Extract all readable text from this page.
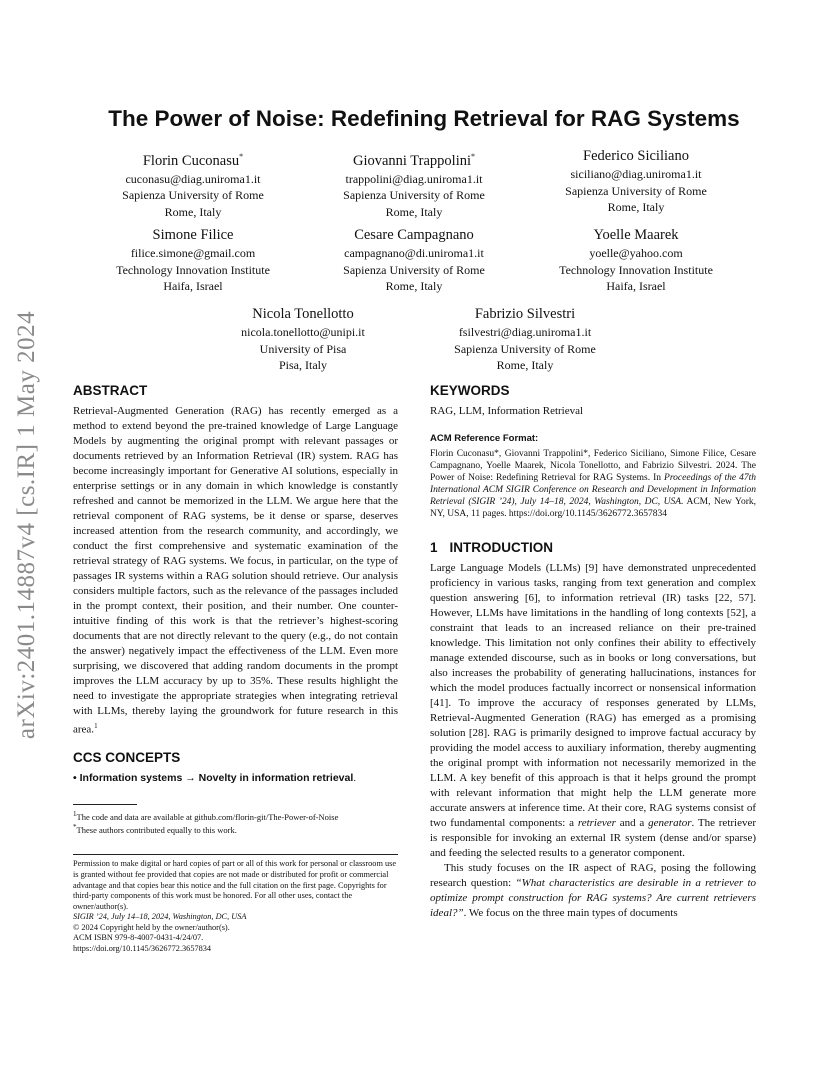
arXiv:2401.14887v4 [cs.IR] 1 May 2024
The Power of Noise: Redefining Retrieval for RAG Systems
Florin Cuconasu*
cuconasu@diag.uniroma1.it
Sapienza University of Rome
Rome, Italy
Giovanni Trappolini*
trappolini@diag.uniroma1.it
Sapienza University of Rome
Rome, Italy
Federico Siciliano
siciliano@diag.uniroma1.it
Sapienza University of Rome
Rome, Italy
Simone Filice
filice.simone@gmail.com
Technology Innovation Institute
Haifa, Israel
Cesare Campagnano
campagnano@di.uniroma1.it
Sapienza University of Rome
Rome, Italy
Yoelle Maarek
yoelle@yahoo.com
Technology Innovation Institute
Haifa, Israel
Nicola Tonellotto
nicola.tonellotto@unipi.it
University of Pisa
Pisa, Italy
Fabrizio Silvestri
fsilvestri@diag.uniroma1.it
Sapienza University of Rome
Rome, Italy
ABSTRACT

Retrieval-Augmented Generation (RAG) has recently emerged as a method to extend beyond the pre-trained knowledge of Large Language Models by augmenting the original prompt with relevant passages or documents retrieved by an Information Retrieval (IR) system. RAG has become increasingly important for Generative AI solutions, especially in enterprise settings or in any domain in which knowledge is constantly refreshed and cannot be memorized in the LLM. We argue here that the retrieval component of RAG systems, be it dense or sparse, deserves increased attention from the research community, and accordingly, we conduct the first comprehensive and systematic examination of the retrieval strategy of RAG systems. We focus, in particular, on the type of passages IR systems within a RAG solution should retrieve. Our analysis considers multiple factors, such as the relevance of the passages included in the prompt context, their position, and their number. One counter-intuitive finding of this work is that the retriever’s highest-scoring documents that are not directly relevant to the query (e.g., do not contain the answer) negatively impact the effectiveness of the LLM. Even more surprising, we discovered that adding random documents in the prompt improves the LLM accuracy by up to 35%. These results highlight the need to investigate the appropriate strategies when integrating retrieval with LLMs, thereby laying the groundwork for future research in this area.$^1$

CCS CONCEPTS
• Information systems → Novelty in information retrieval.
$^1$The code and data are available at github.com/florin-git/The-Power-of-Noise
*These authors contributed equally to this work.
Permission to make digital or hard copies of part or all of this work for personal or classroom use is granted without fee provided that copies are not made or distributed for profit or commercial advantage and that copies bear this notice and the full citation on the first page. Copyrights for third-party components of this work must be honored. For all other uses, contact the owner/author(s).
SIGIR ’24, July 14–18, 2024, Washington, DC, USA
© 2024 Copyright held by the owner/author(s).
ACM ISBN 979-8-4007-0431-4/24/07.
https://doi.org/10.1145/3626772.3657834
KEYWORDS

RAG, LLM, Information Retrieval

ACM Reference Format:
Florin Cuconasu*, Giovanni Trappolini*, Federico Siciliano, Simone Filice, Cesare Campagnano, Yoelle Maarek, Nicola Tonellotto, and Fabrizio Silvestri. 2024. The Power of Noise: Redefining Retrieval for RAG Systems. In Proceedings of the 47th International ACM SIGIR Conference on Research and Development in Information Retrieval (SIGIR ’24), July 14–18, 2024, Washington, DC, USA. ACM, New York, NY, USA, 11 pages. https://doi.org/10.1145/3626772.3657834
1 INTRODUCTION

Large Language Models (LLMs) [9] have demonstrated unprecedented proficiency in various tasks, ranging from text generation and complex question answering [6], to information retrieval (IR) tasks [22, 57]. However, LLMs have limitations in the handling of long contexts [52], a constraint that leads to an increased reliance on their pre-trained knowledge. This limitation not only confines their ability to effectively manage extended discourse, such as in books or long conversations, but also increases the probability of generating hallucinations, instances for which the model produces factually incorrect or nonsensical information [41]. To improve the accuracy of responses generated by LLMs, Retrieval-Augmented Generation (RAG) has emerged as a promising solution [28]. RAG is primarily designed to improve factual accuracy by providing the model access to auxiliary information, thereby augmenting the original prompt with information not necessarily memorized in the LLM. A key benefit of this approach is that it helps ground the prompt with relevant information that might help the LLM generate more accurate answers at inference time. At their core, RAG systems consist of two fundamental components: a retriever and a generator. The retriever is responsible for invoking an external IR system (dense and/or sparse) and feeding the selected results to a generator component.

This study focuses on the IR aspect of RAG, posing the following research question: “What characteristics are desirable in a retriever to optimize prompt construction for RAG systems? Are current retrievers ideal?”. We focus on the three main types of documents
